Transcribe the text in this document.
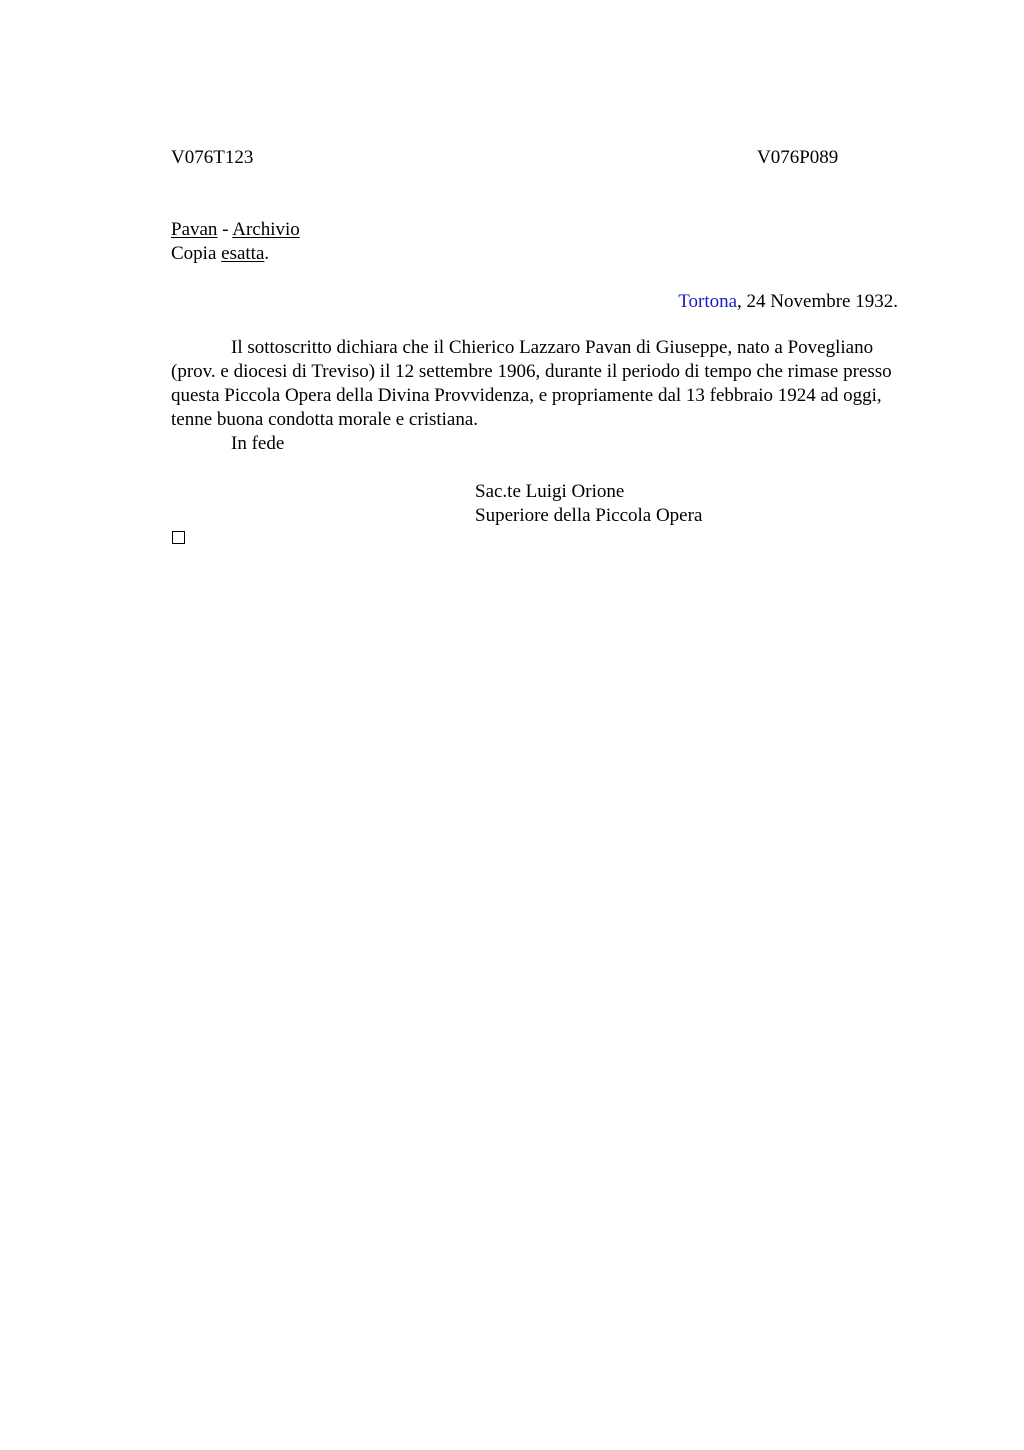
V076T123	V076P089
Pavan - Archivio
Copia esatta.
Tortona, 24 Novembre 1932.
Il sottoscritto dichiara che il Chierico Lazzaro Pavan di Giuseppe, nato a Povegliano (prov. e diocesi di Treviso) il 12 settembre 1906, durante il periodo di tempo che rimase presso questa Piccola Opera della Divina Provvidenza, e propriamente dal 13 febbraio 1924 ad oggi, tenne buona condotta morale e cristiana.
In fede
Sac.te Luigi Orione
Superiore della Piccola Opera
